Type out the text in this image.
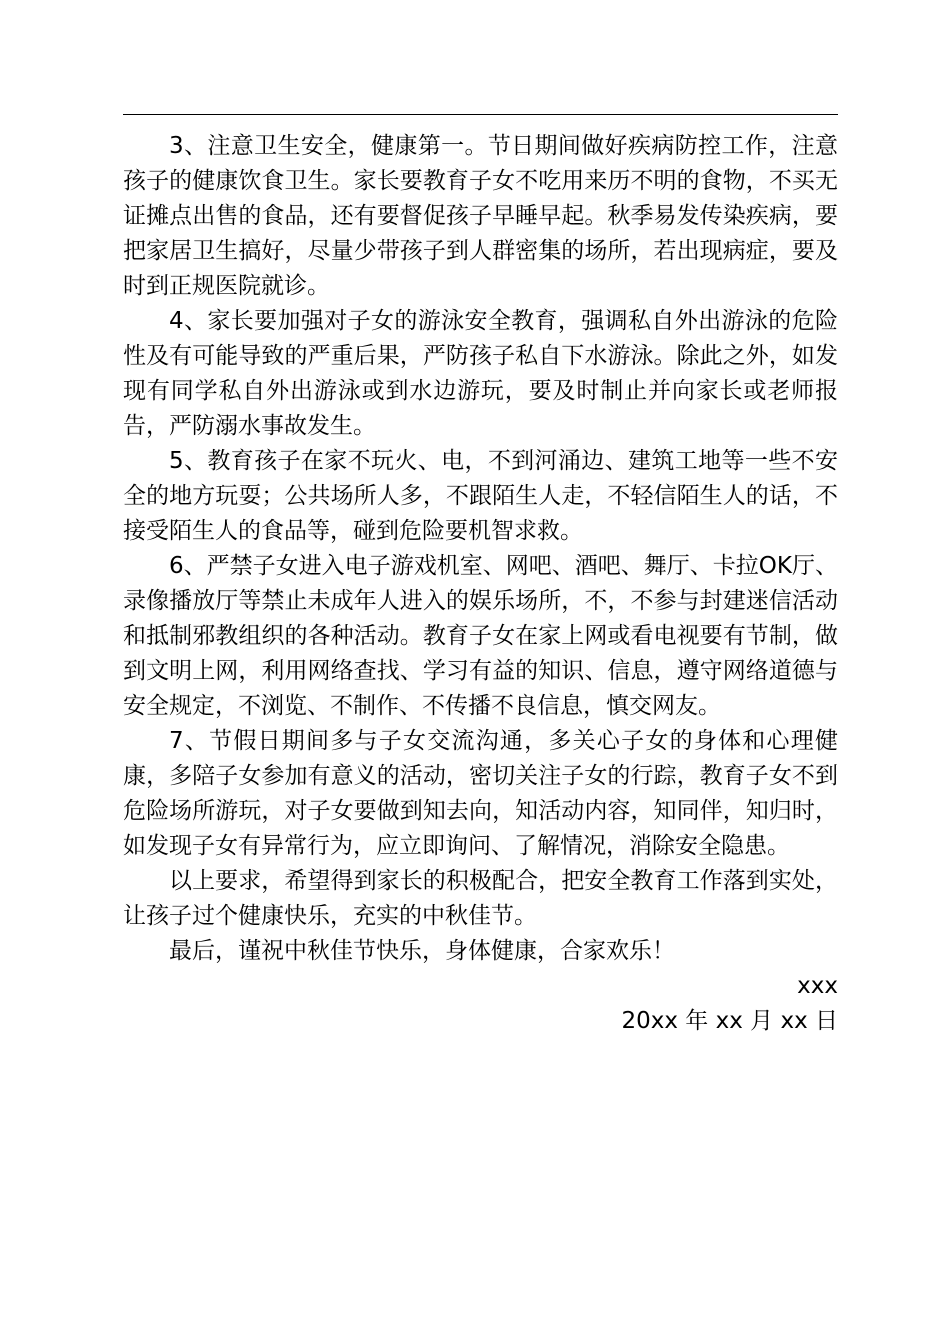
3、注意卫生安全，健康第一。节日期间做好疾病防控工作，注意孩子的健康饮食卫生。家长要教育子女不吃用来历不明的食物，不买无证摊点出售的食品，还有要督促孩子早睡早起。秋季易发传染疾病，要把家居卫生搞好，尽量少带孩子到人群密集的场所，若出现病症，要及时到正规医院就诊。

4、家长要加强对子女的游泳安全教育，强调私自外出游泳的危险性及有可能导致的严重后果，严防孩子私自下水游泳。除此之外，如发现有同学私自外出游泳或到水边游玩，要及时制止并向家长或老师报告，严防溺水事故发生。

5、教育孩子在家不玩火、电，不到河涌边、建筑工地等一些不安全的地方玩耍；公共场所人多，不跟陌生人走，不轻信陌生人的话，不接受陌生人的食品等，碰到危险要机智求救。

6、严禁子女进入电子游戏机室、网吧、酒吧、舞厅、卡拉OK厅、录像播放厅等禁止未成年人进入的娱乐场所，不，不参与封建迷信活动和抵制邪教组织的各种活动。教育子女在家上网或看电视要有节制，做到文明上网，利用网络查找、学习有益的知识、信息，遵守网络道德与安全规定，不浏览、不制作、不传播不良信息，慎交网友。

7、节假日期间多与子女交流沟通，多关心子女的身体和心理健康，多陪子女参加有意义的活动，密切关注子女的行踪，教育子女不到危险场所游玩，对子女要做到知去向，知活动内容，知同伴，知归时，如发现子女有异常行为，应立即询问、了解情况，消除安全隐患。

以上要求，希望得到家长的积极配合，把安全教育工作落到实处，让孩子过个健康快乐，充实的中秋佳节。

最后，谨祝中秋佳节快乐，身体健康，合家欢乐！

xxx

20xx 年 xx 月 xx 日
